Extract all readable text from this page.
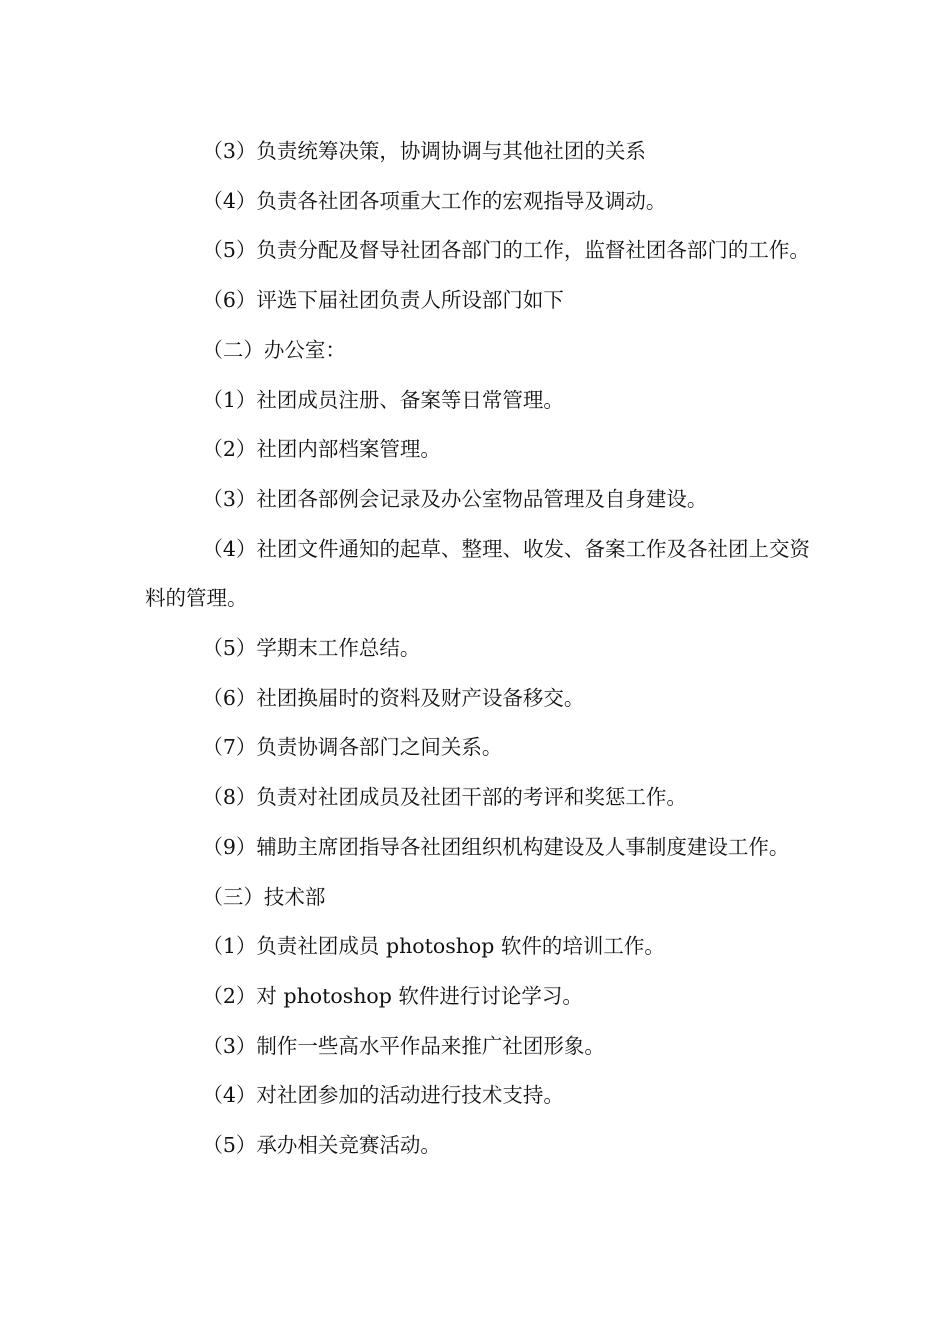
（3）负责统筹决策，协调协调与其他社团的关系

（4）负责各社团各项重大工作的宏观指导及调动。

（5）负责分配及督导社团各部门的工作，监督社团各部门的工作。

（6）评选下届社团负责人所设部门如下

（二）办公室：

（1）社团成员注册、备案等日常管理。

（2）社团内部档案管理。

（3）社团各部例会记录及办公室物品管理及自身建设。

（4）社团文件通知的起草、整理、收发、备案工作及各社团上交资料的管理。

（5）学期末工作总结。

（6）社团换届时的资料及财产设备移交。

（7）负责协调各部门之间关系。

（8）负责对社团成员及社团干部的考评和奖惩工作。

（9）辅助主席团指导各社团组织机构建设及人事制度建设工作。

（三）技术部

（1）负责社团成员 photoshop 软件的培训工作。

（2）对 photoshop 软件进行讨论学习。

（3）制作一些高水平作品来推广社团形象。

（4）对社团参加的活动进行技术支持。

（5）承办相关竞赛活动。
